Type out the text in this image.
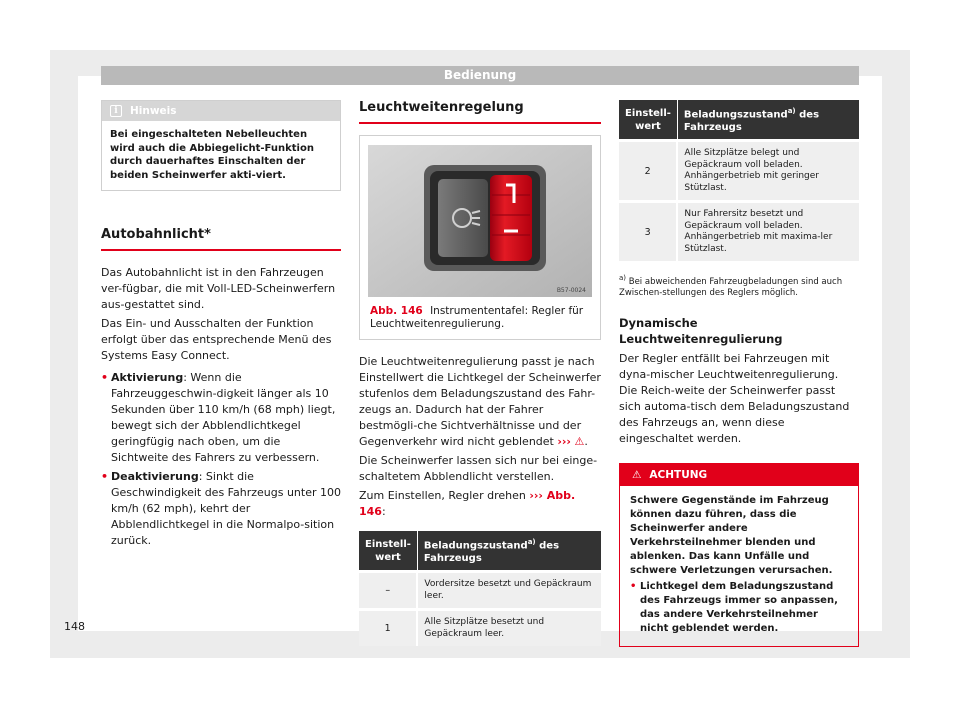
Bedienung
i	Hinweis
Bei eingeschalteten Nebelleuchten wird auch die Abbiegelicht-Funktion durch dauerhaftes Einschalten der beiden Scheinwerfer akti-viert.
Autobahnlicht*

Das Autobahnlicht ist in den Fahrzeugen ver-fügbar, die mit Voll-LED-Scheinwerfern aus-gestattet sind.

Das Ein- und Ausschalten der Funktion erfolgt über das entsprechende Menü des Systems Easy Connect.

• Aktivierung: Wenn die Fahrzeuggeschwin-digkeit länger als 10 Sekunden über 110 km/h (68 mph) liegt, bewegt sich der Abblendlichtkegel geringfügig nach oben, um die Sichtweite des Fahrers zu verbessern.

• Deaktivierung: Sinkt die Geschwindigkeit des Fahrzeugs unter 100 km/h (62 mph), kehrt der Abblendlichtkegel in die Normalpo-sition zurück.

Leuchtweitenregelung
B57-0024
Abb. 146 Instrumententafel: Regler für Leuchtweitenregulierung.

Die Leuchtweitenregulierung passt je nach Einstellwert die Lichtkegel der Scheinwerfer stufenlos dem Beladungszustand des Fahr-zeugs an. Dadurch hat der Fahrer bestmögli-che Sichtverhältnisse und der Gegenverkehr wird nicht geblendet ››› ⚠.

Die Scheinwerfer lassen sich nur bei einge-schaltetem Abblendlicht verstellen.

Zum Einstellen, Regler drehen ››› Abb. 146:

Einstell-wert	Beladungszustand$^{a)}$ des Fahrzeugs
–	Vordersitze besetzt und Gepäckraum leer.
1	Alle Sitzplätze besetzt und Gepäckraum leer.
Einstell-wert	Beladungszustand$^{a)}$ des Fahrzeugs
2	Alle Sitzplätze belegt und Gepäckraum voll beladen. Anhängerbetrieb mit geringer Stützlast.
3	Nur Fahrersitz besetzt und Gepäckraum voll beladen. Anhängerbetrieb mit maxima-ler Stützlast.

$^{a)}$ Bei abweichenden Fahrzeugbeladungen sind auch Zwischen-stellungen des Reglers möglich.

Dynamische Leuchtweitenregulierung

Der Regler entfällt bei Fahrzeugen mit dyna-mischer Leuchtweitenregulierung. Die Reich-weite der Scheinwerfer passt sich automa-tisch dem Beladungszustand des Fahrzeugs an, wenn diese eingeschaltet werden.

⚠ ACHTUNG
Schwere Gegenstände im Fahrzeug können dazu führen, dass die Scheinwerfer andere Verkehrsteilnehmer blenden und ablenken. Das kann Unfälle und schwere Verletzungen verursachen.
• Lichtkegel dem Beladungszustand des Fahrzeugs immer so anpassen, das andere Verkehrsteilnehmer nicht geblendet werden.
148
